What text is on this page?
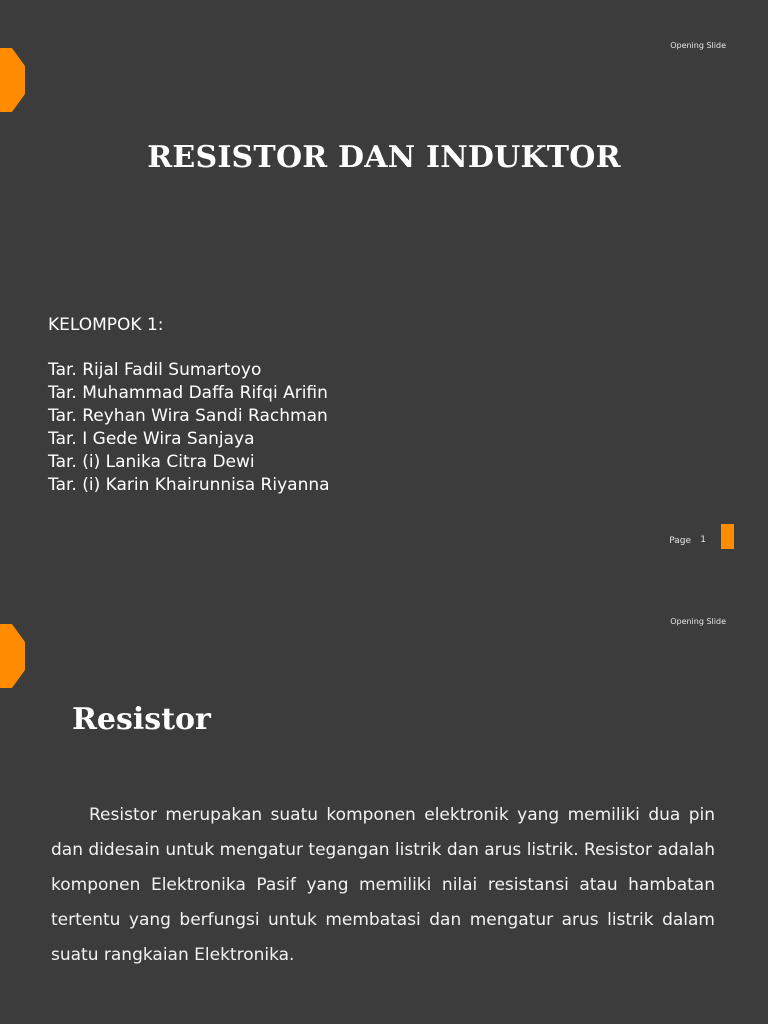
Opening Slide
RESISTOR DAN INDUKTOR
KELOMPOK 1:
Tar. Rijal Fadil Sumartoyo
Tar. Muhammad Daffa Rifqi Arifin
Tar. Reyhan Wira Sandi Rachman
Tar. I Gede Wira Sanjaya
Tar. (i) Lanika Citra Dewi
Tar. (i) Karin Khairunnisa Riyanna
Page 1
Opening Slide
Resistor
Resistor merupakan suatu komponen elektronik yang memiliki dua pin dan didesain untuk mengatur tegangan listrik dan arus listrik. Resistor adalah komponen Elektronika Pasif yang memiliki nilai resistansi atau hambatan tertentu yang berfungsi untuk membatasi dan mengatur arus listrik dalam suatu rangkaian Elektronika.
